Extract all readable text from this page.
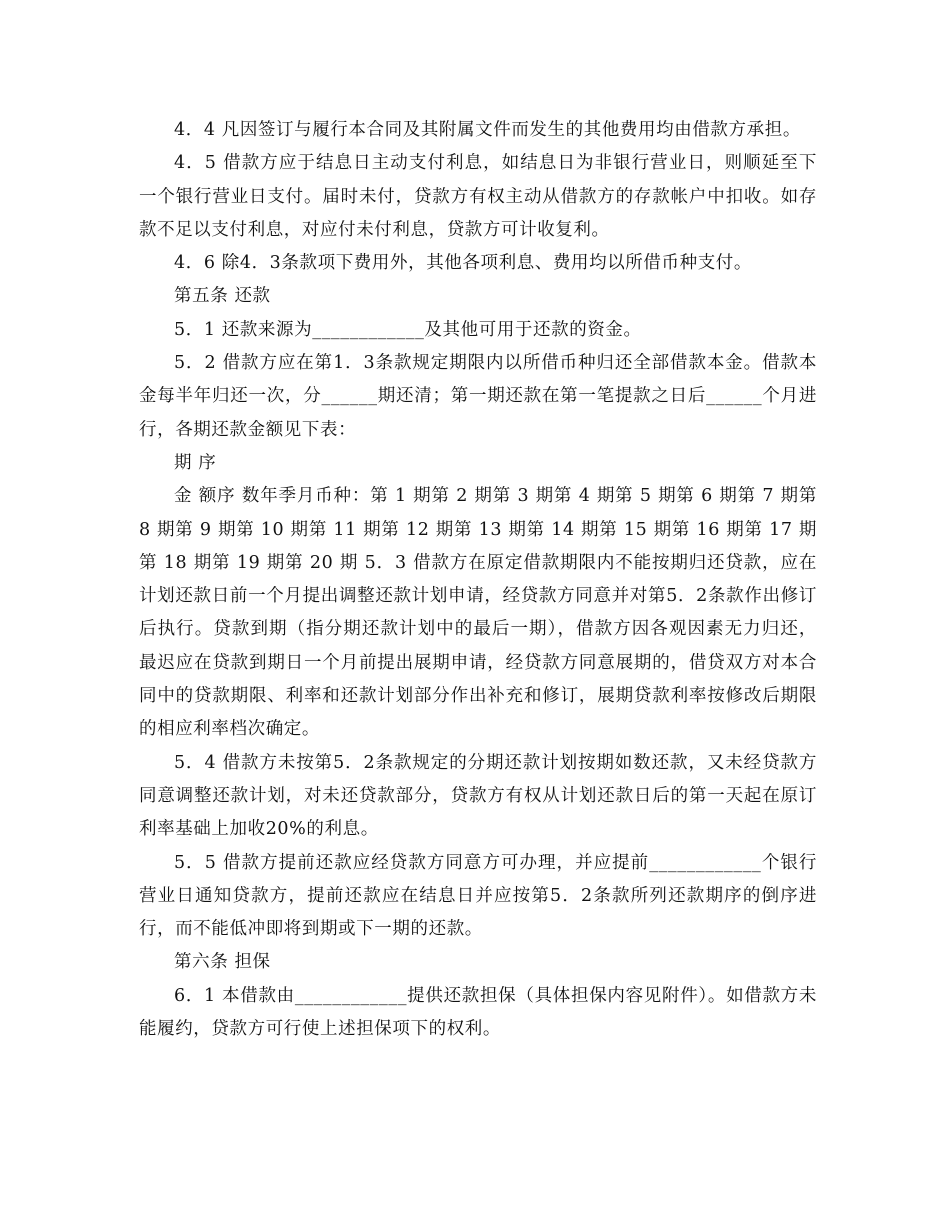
4．4 凡因签订与履行本合同及其附属文件而发生的其他费用均由借款方承担。

4．5 借款方应于结息日主动支付利息，如结息日为非银行营业日，则顺延至下一个银行营业日支付。届时未付，贷款方有权主动从借款方的存款帐户中扣收。如存款不足以支付利息，对应付未付利息，贷款方可计收复利。

4．6 除4．3条款项下费用外，其他各项利息、费用均以所借币种支付。

第五条 还款

5．1 还款来源为____________及其他可用于还款的资金。

5．2 借款方应在第1．3条款规定期限内以所借币种归还全部借款本金。借款本金每半年归还一次，分______期还清；第一期还款在第一笔提款之日后______个月进行，各期还款金额见下表：

期 序

金 额序 数年季月币种：第 1 期第 2 期第 3 期第 4 期第 5 期第 6 期第 7 期第 8 期第 9 期第 10 期第 11 期第 12 期第 13 期第 14 期第 15 期第 16 期第 17 期第 18 期第 19 期第 20 期 5．3 借款方在原定借款期限内不能按期归还贷款，应在计划还款日前一个月提出调整还款计划申请，经贷款方同意并对第5．2条款作出修订后执行。贷款到期（指分期还款计划中的最后一期），借款方因各观因素无力归还，最迟应在贷款到期日一个月前提出展期申请，经贷款方同意展期的，借贷双方对本合同中的贷款期限、利率和还款计划部分作出补充和修订，展期贷款利率按修改后期限的相应利率档次确定。

5．4 借款方未按第5．2条款规定的分期还款计划按期如数还款，又未经贷款方同意调整还款计划，对未还贷款部分，贷款方有权从计划还款日后的第一天起在原订利率基础上加收20%的利息。

5．5 借款方提前还款应经贷款方同意方可办理，并应提前____________个银行营业日通知贷款方，提前还款应在结息日并应按第5．2条款所列还款期序的倒序进行，而不能低冲即将到期或下一期的还款。

第六条 担保

6．1 本借款由____________提供还款担保（具体担保内容见附件）。如借款方未能履约，贷款方可行使上述担保项下的权利。
